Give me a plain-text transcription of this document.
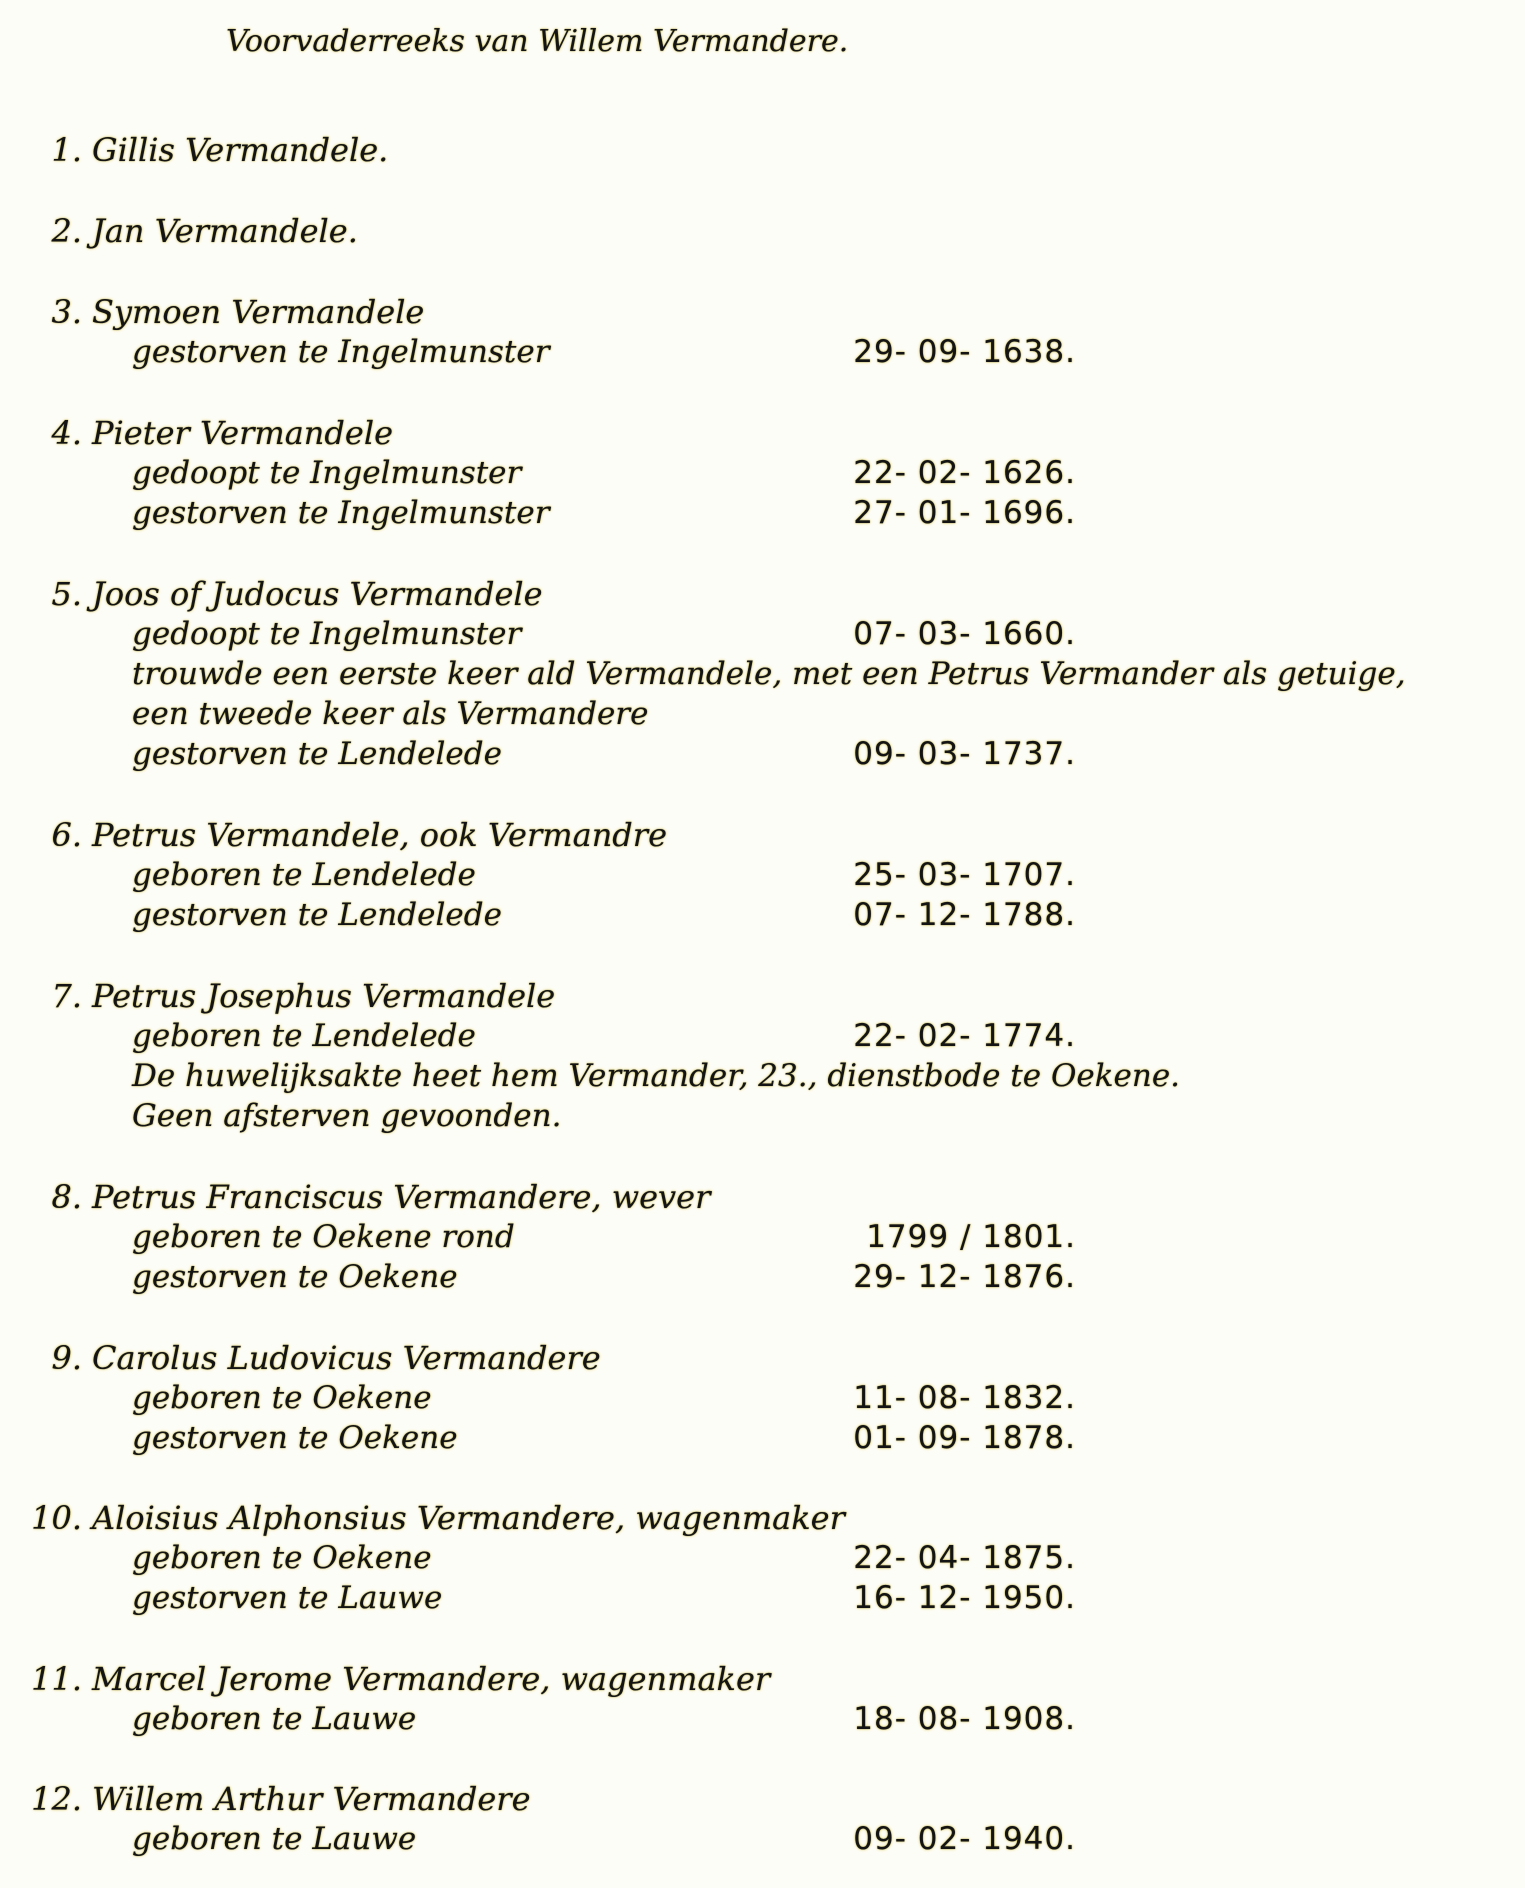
Voorvaderreeks van Willem Vermandere.
1. Gillis Vermandele.
2. Jan Vermandele.
3. Symoen Vermandele
gestorven te Ingelmunster	29- 09- 1638.
4. Pieter Vermandele
gedoopt te Ingelmunster	22- 02- 1626.
gestorven te Ingelmunster	27- 01- 1696.
5. Joos of Judocus Vermandele
gedoopt te Ingelmunster	07- 03- 1660.
trouwde een eerste keer ald Vermandele, met een Petrus Vermander als getuige,
een tweede keer als Vermandere
gestorven te Lendelede	09- 03- 1737.
6. Petrus Vermandele, ook Vermandre
geboren te Lendelede	25- 03- 1707.
gestorven te Lendelede	07- 12- 1788.
7. Petrus Josephus Vermandele
geboren te Lendelede	22- 02- 1774.
De huwelijksakte heet hem Vermander, 23., dienstbode te Oekene.
Geen afsterven gevoonden.
8. Petrus Franciscus Vermandere, wever
geboren te Oekene rond	1799 / 1801.
gestorven te Oekene	29- 12- 1876.
9. Carolus Ludovicus Vermandere
geboren te Oekene	11- 08- 1832.
gestorven te Oekene	01- 09- 1878.
10. Aloisius Alphonsius Vermandere, wagenmaker
geboren te Oekene	22- 04- 1875.
gestorven te Lauwe	16- 12- 1950.
11. Marcel Jerome Vermandere, wagenmaker
geboren te Lauwe	18- 08- 1908.
12. Willem Arthur Vermandere
geboren te Lauwe	09- 02- 1940.
